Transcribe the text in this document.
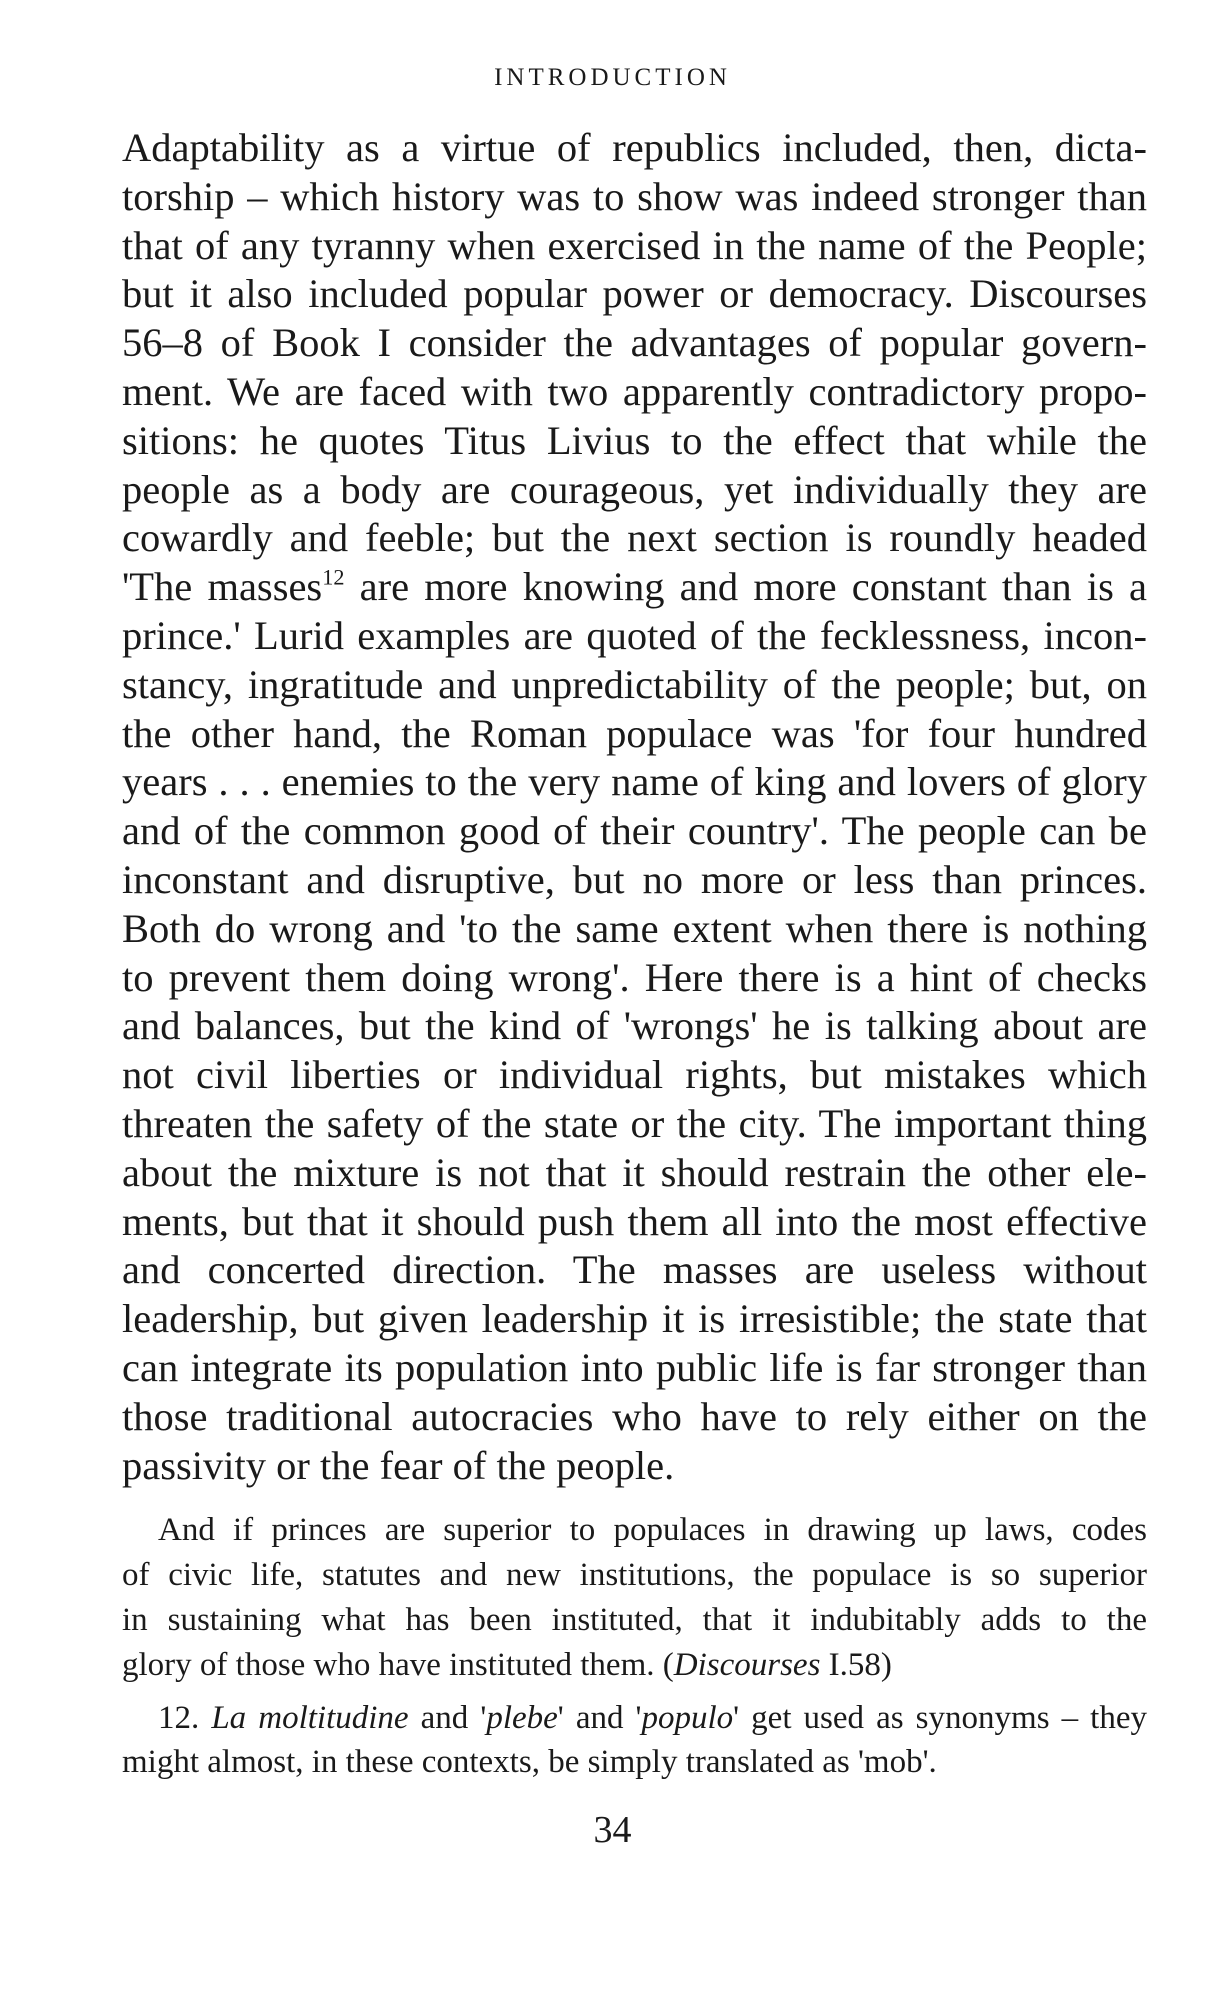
INTRODUCTION
Adaptability as a virtue of republics included, then, dicta-
torship – which history was to show was indeed stronger than
that of any tyranny when exercised in the name of the People;
but it also included popular power or democracy. Discourses
56–8 of Book I consider the advantages of popular govern-
ment. We are faced with two apparently contradictory propo-
sitions: he quotes Titus Livius to the effect that while the
people as a body are courageous, yet individually they are
cowardly and feeble; but the next section is roundly headed
'The masses$^{12}$ are more knowing and more constant than is a
prince.' Lurid examples are quoted of the fecklessness, incon-
stancy, ingratitude and unpredictability of the people; but, on
the other hand, the Roman populace was 'for four hundred
years . . . enemies to the very name of king and lovers of glory
and of the common good of their country'. The people can be
inconstant and disruptive, but no more or less than princes.
Both do wrong and 'to the same extent when there is nothing
to prevent them doing wrong'. Here there is a hint of checks
and balances, but the kind of 'wrongs' he is talking about are
not civil liberties or individual rights, but mistakes which
threaten the safety of the state or the city. The important thing
about the mixture is not that it should restrain the other ele-
ments, but that it should push them all into the most effective
and concerted direction. The masses are useless without
leadership, but given leadership it is irresistible; the state that
can integrate its population into public life is far stronger than
those traditional autocracies who have to rely either on the
passivity or the fear of the people.
And if princes are superior to populaces in drawing up laws, codes
of civic life, statutes and new institutions, the populace is so superior
in sustaining what has been instituted, that it indubitably adds to the
glory of those who have instituted them. (Discourses I.58)
12. La moltitudine and 'plebe' and 'populo' get used as synonyms – they
might almost, in these contexts, be simply translated as 'mob'.
34
